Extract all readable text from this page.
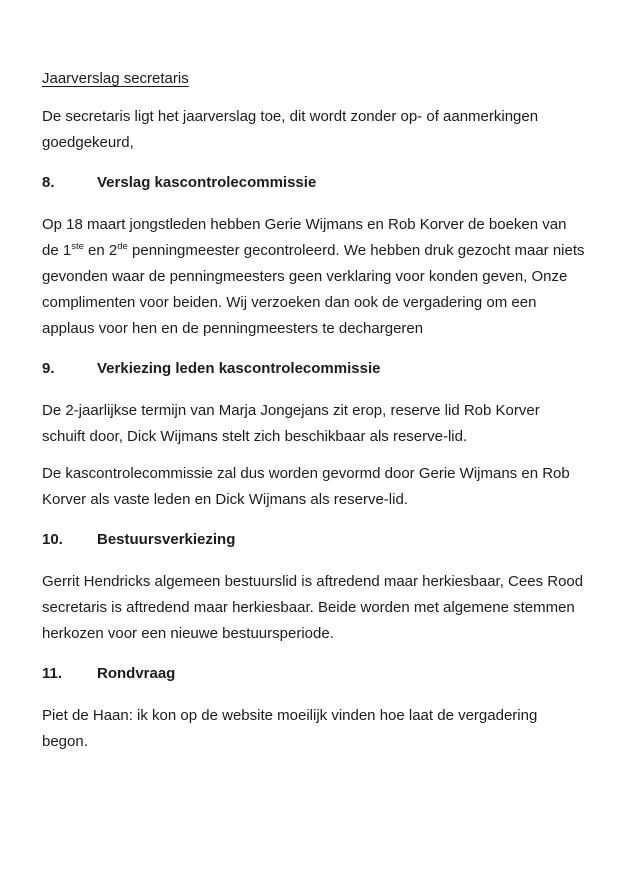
Jaarverslag secretaris

De secretaris ligt het jaarverslag toe, dit wordt zonder op- of aanmerkingen goedgekeurd,

8.	Verslag kascontrolecommissie

Op 18 maart jongstleden hebben Gerie Wijmans en Rob Korver de boeken van de 1ste en 2de penningmeester gecontroleerd. We hebben druk gezocht maar niets gevonden waar de penningmeesters geen verklaring voor konden geven, Onze complimenten voor beiden. Wij verzoeken dan ook de vergadering om een applaus voor hen en de penningmeesters te dechargeren

9.	Verkiezing leden kascontrolecommissie

De 2-jaarlijkse termijn van Marja Jongejans zit erop, reserve lid Rob Korver schuift door, Dick Wijmans stelt zich beschikbaar als reserve-lid.

De kascontrolecommissie zal dus worden gevormd door Gerie Wijmans en Rob Korver als vaste leden en Dick Wijmans als reserve-lid.

10. Bestuursverkiezing

Gerrit Hendricks algemeen bestuurslid is aftredend maar herkiesbaar, Cees Rood secretaris is aftredend maar herkiesbaar. Beide worden met algemene stemmen herkozen voor een nieuwe bestuursperiode.

11. Rondvraag

Piet de Haan: ik kon op de website moeilijk vinden hoe laat de vergadering begon.
